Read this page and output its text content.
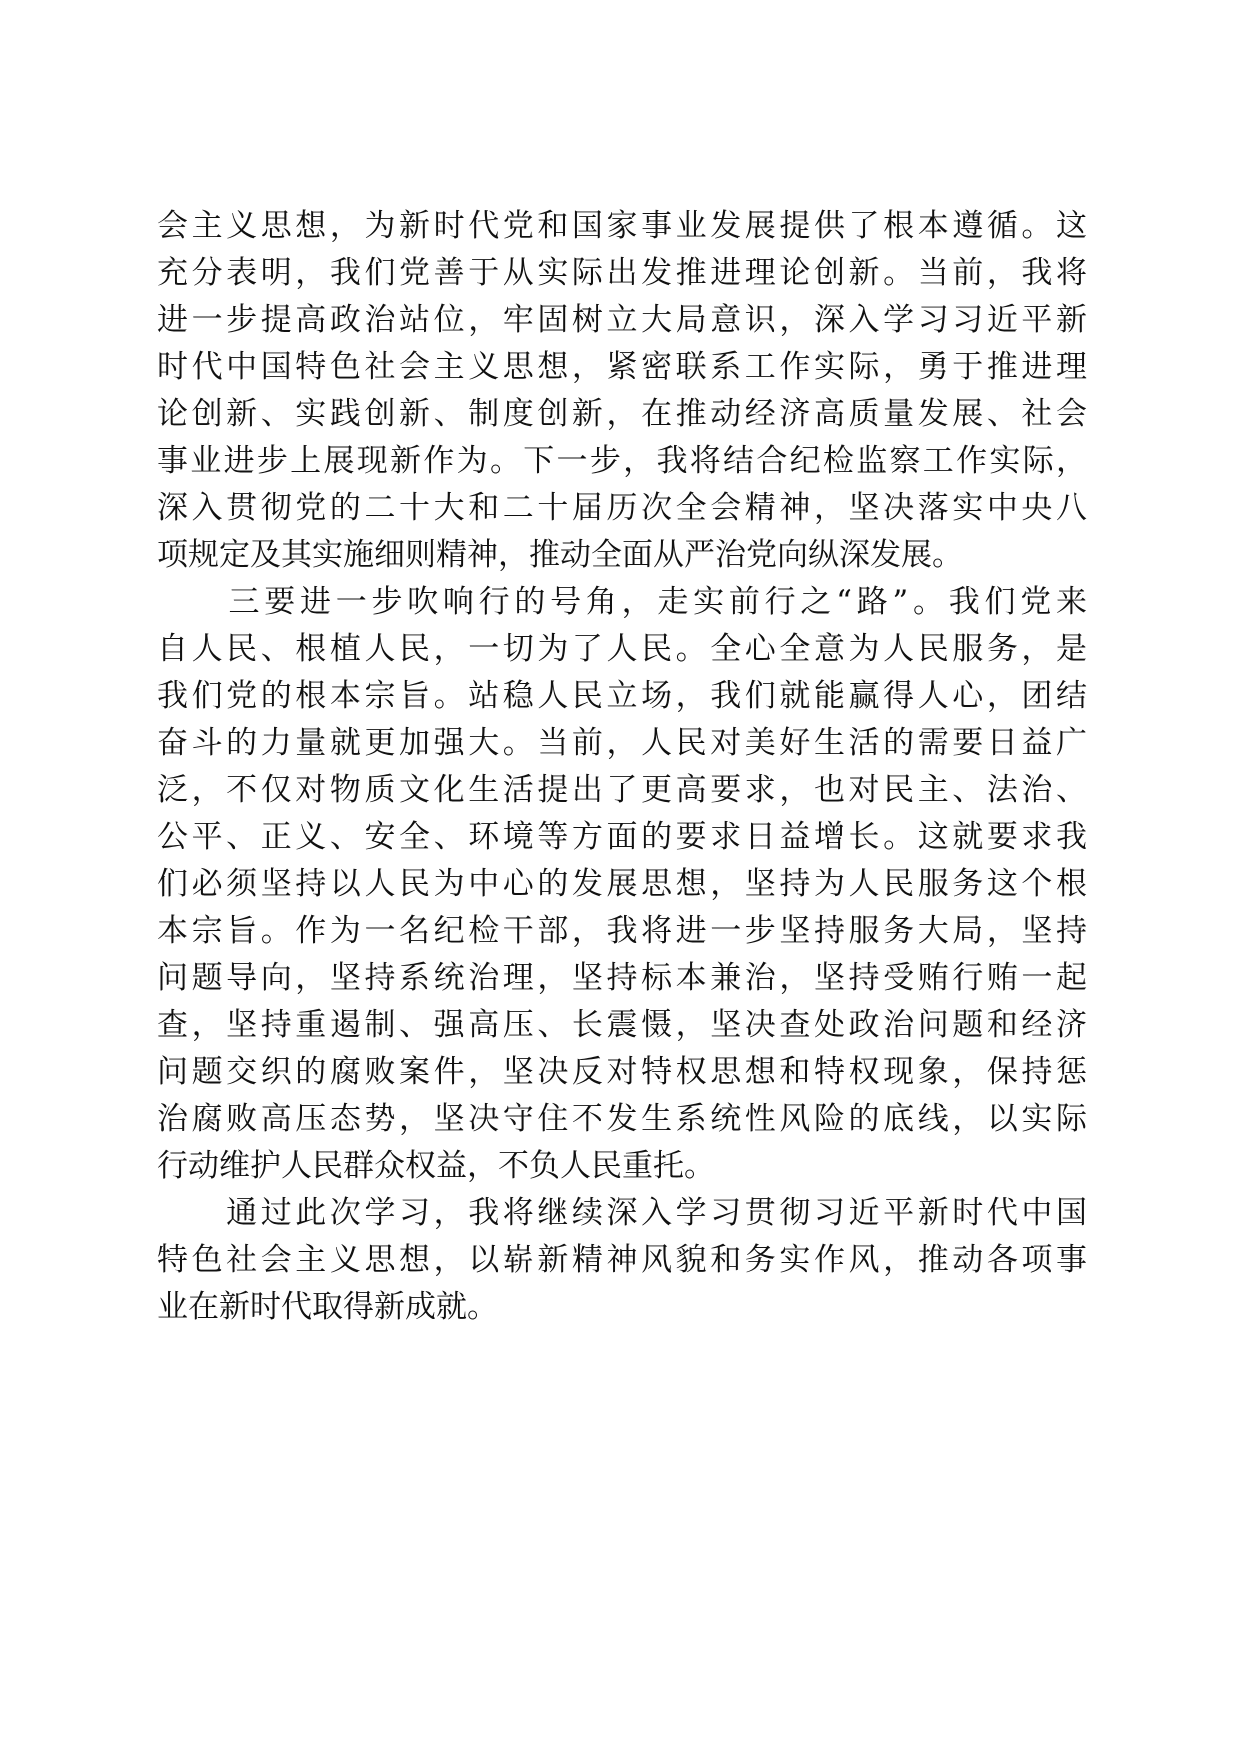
会主义思想，为新时代党和国家事业发展提供了根本遵循。这
充分表明，我们党善于从实际出发推进理论创新。当前，我将
进一步提高政治站位，牢固树立大局意识，深入学习习近平新
时代中国特色社会主义思想，紧密联系工作实际，勇于推进理
论创新、实践创新、制度创新，在推动经济高质量发展、社会
事业进步上展现新作为。下一步，我将结合纪检监察工作实际，
深入贯彻党的二十大和二十届历次全会精神，坚决落实中央八
项规定及其实施细则精神，推动全面从严治党向纵深发展。
　　三要进一步吹响行的号角，走实前行之“路”。我们党来
自人民、根植人民，一切为了人民。全心全意为人民服务，是
我们党的根本宗旨。站稳人民立场，我们就能赢得人心，团结
奋斗的力量就更加强大。当前，人民对美好生活的需要日益广
泛，不仅对物质文化生活提出了更高要求，也对民主、法治、
公平、正义、安全、环境等方面的要求日益增长。这就要求我
们必须坚持以人民为中心的发展思想，坚持为人民服务这个根
本宗旨。作为一名纪检干部，我将进一步坚持服务大局，坚持
问题导向，坚持系统治理，坚持标本兼治，坚持受贿行贿一起
查，坚持重遏制、强高压、长震慑，坚决查处政治问题和经济
问题交织的腐败案件，坚决反对特权思想和特权现象，保持惩
治腐败高压态势，坚决守住不发生系统性风险的底线，以实际
行动维护人民群众权益，不负人民重托。
　　通过此次学习，我将继续深入学习贯彻习近平新时代中国
特色社会主义思想，以崭新精神风貌和务实作风，推动各项事
业在新时代取得新成就。
